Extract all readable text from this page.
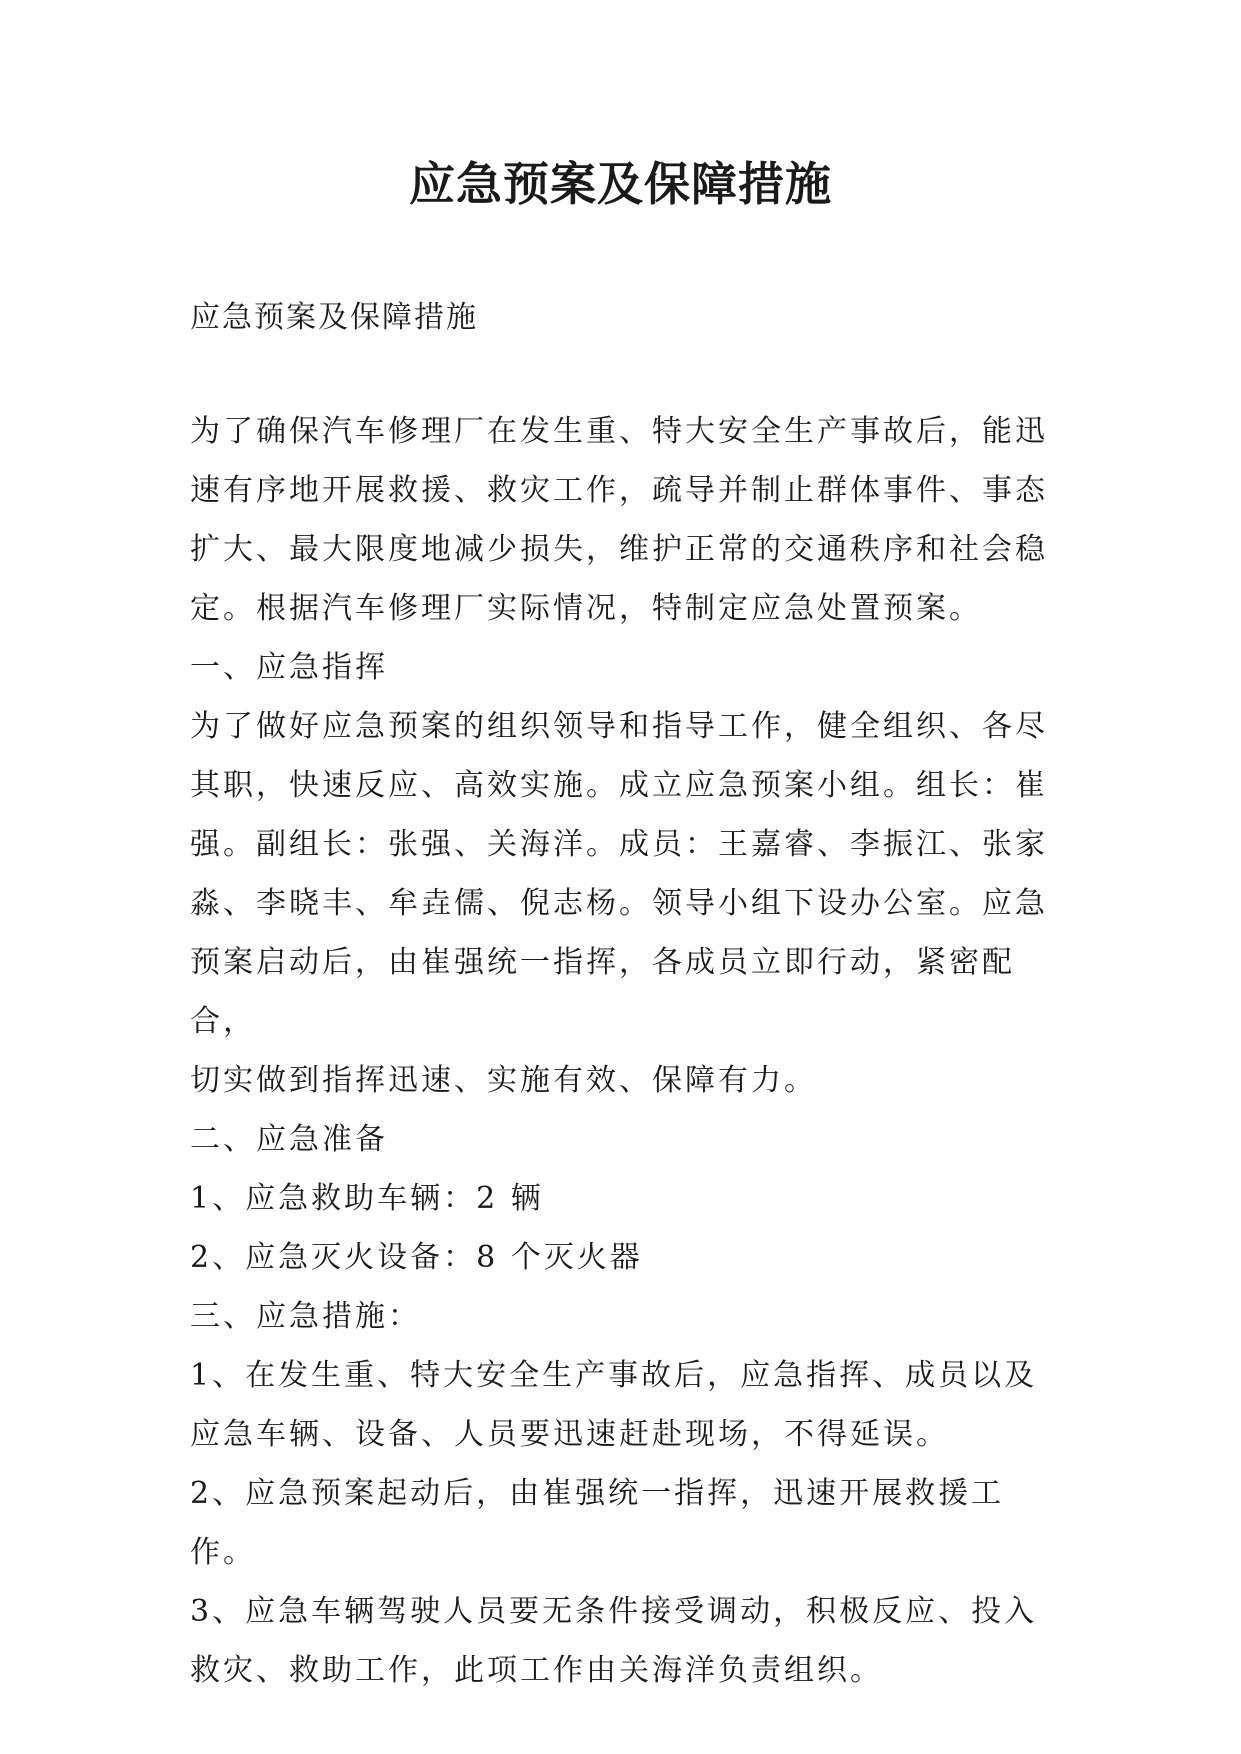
应急预案及保障措施

应急预案及保障措施

为了确保汽车修理厂在发生重、特大安全生产事故后，能迅
速有序地开展救援、救灾工作，疏导并制止群体事件、事态
扩大、最大限度地减少损失，维护正常的交通秩序和社会稳
定。根据汽车修理厂实际情况，特制定应急处置预案。

一、应急指挥

为了做好应急预案的组织领导和指导工作，健全组织、各尽
其职，快速反应、高效实施。成立应急预案小组。组长：崔
强。副组长：张强、关海洋。成员：王嘉睿、李振江、张家
淼、李晓丰、牟垚儒、倪志杨。领导小组下设办公室。应急
预案启动后，由崔强统一指挥，各成员立即行动，紧密配合，
切实做到指挥迅速、实施有效、保障有力。

二、应急准备

1、应急救助车辆：2 辆

2、应急灭火设备：8 个灭火器

三、应急措施：

1、在发生重、特大安全生产事故后，应急指挥、成员以及
应急车辆、设备、人员要迅速赶赴现场，不得延误。

2、应急预案起动后，由崔强统一指挥，迅速开展救援工作。

3、应急车辆驾驶人员要无条件接受调动，积极反应、投入
救灾、救助工作，此项工作由关海洋负责组织。
